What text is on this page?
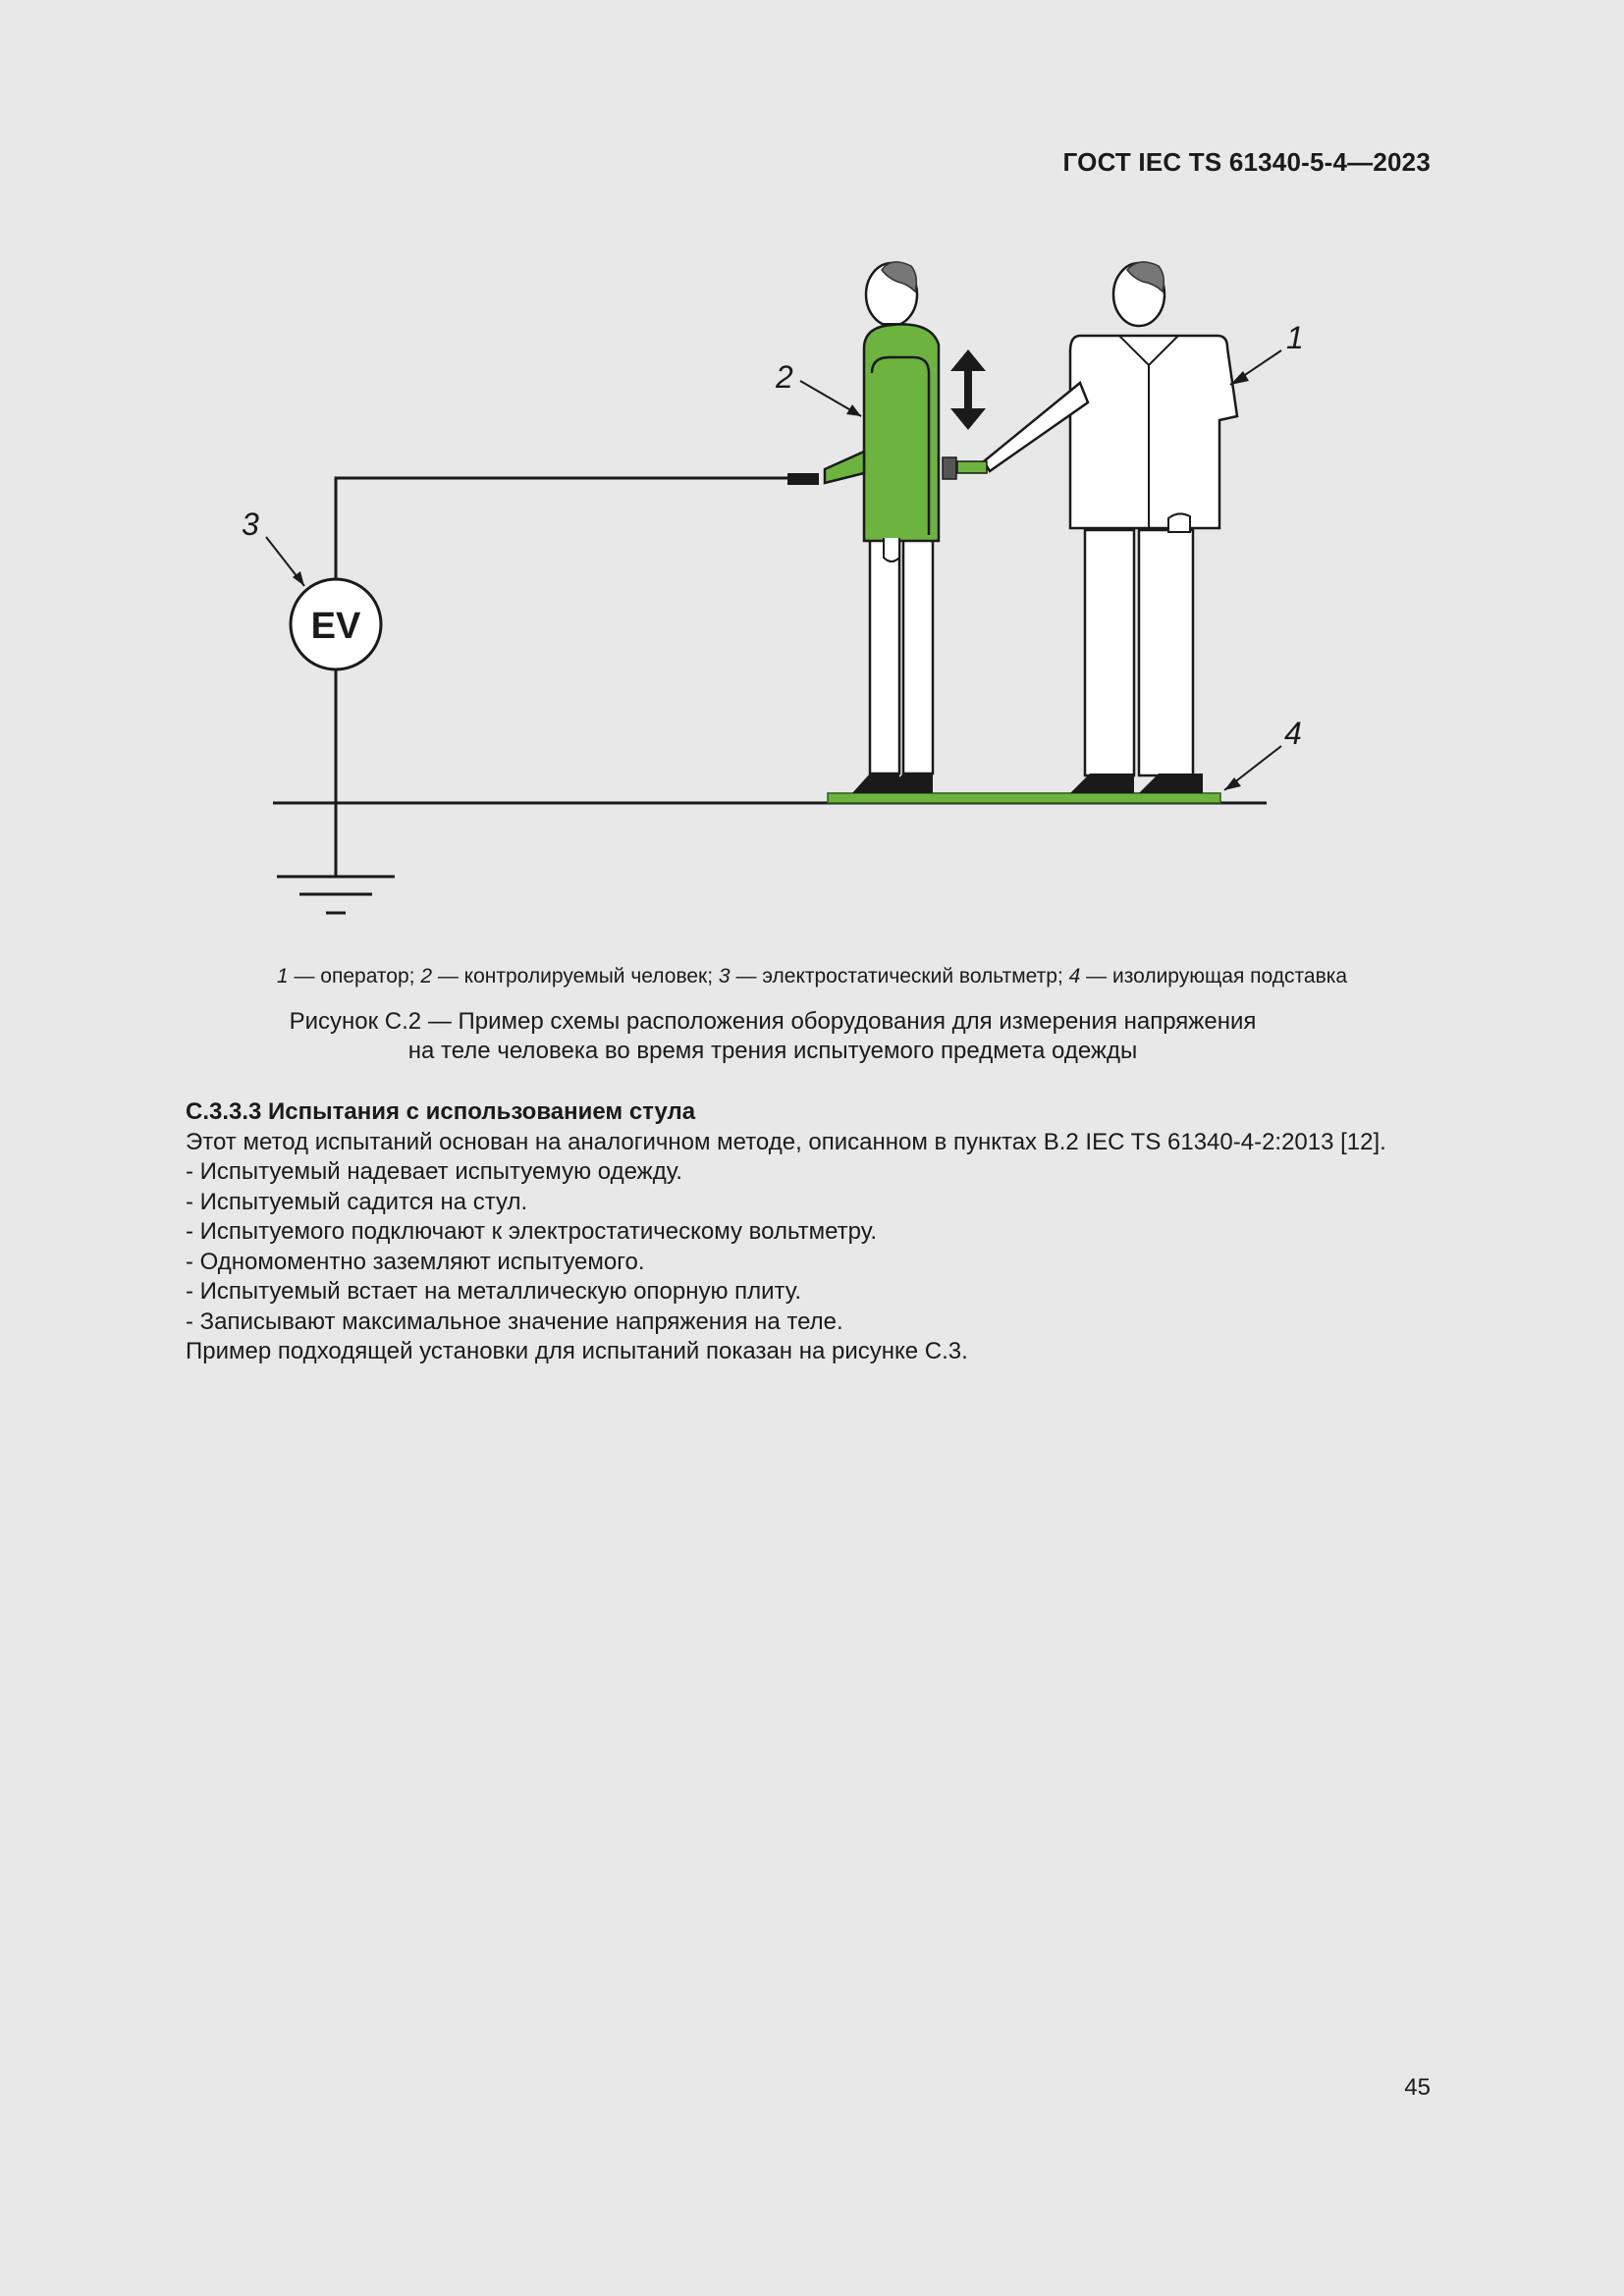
ГОСТ IEC TS 61340-5-4—2023
EV
1
2
3
4
1 — оператор; 2 — контролируемый человек; 3 — электростатический вольтметр; 4 — изолирующая подставка
Рисунок С.2 — Пример схемы расположения оборудования для измерения напряжения
на теле человека во время трения испытуемого предмета одежды
С.3.3.3 Испытания с использованием стула
Этот метод испытаний основан на аналогичном методе, описанном в пунктах В.2 IEC TS 61340-4-2:2013 [12].
- Испытуемый надевает испытуемую одежду.
- Испытуемый садится на стул.
- Испытуемого подключают к электростатическому вольтметру.
- Одномоментно заземляют испытуемого.
- Испытуемый встает на металлическую опорную плиту.
- Записывают максимальное значение напряжения на теле.
Пример подходящей установки для испытаний показан на рисунке С.3.
45
